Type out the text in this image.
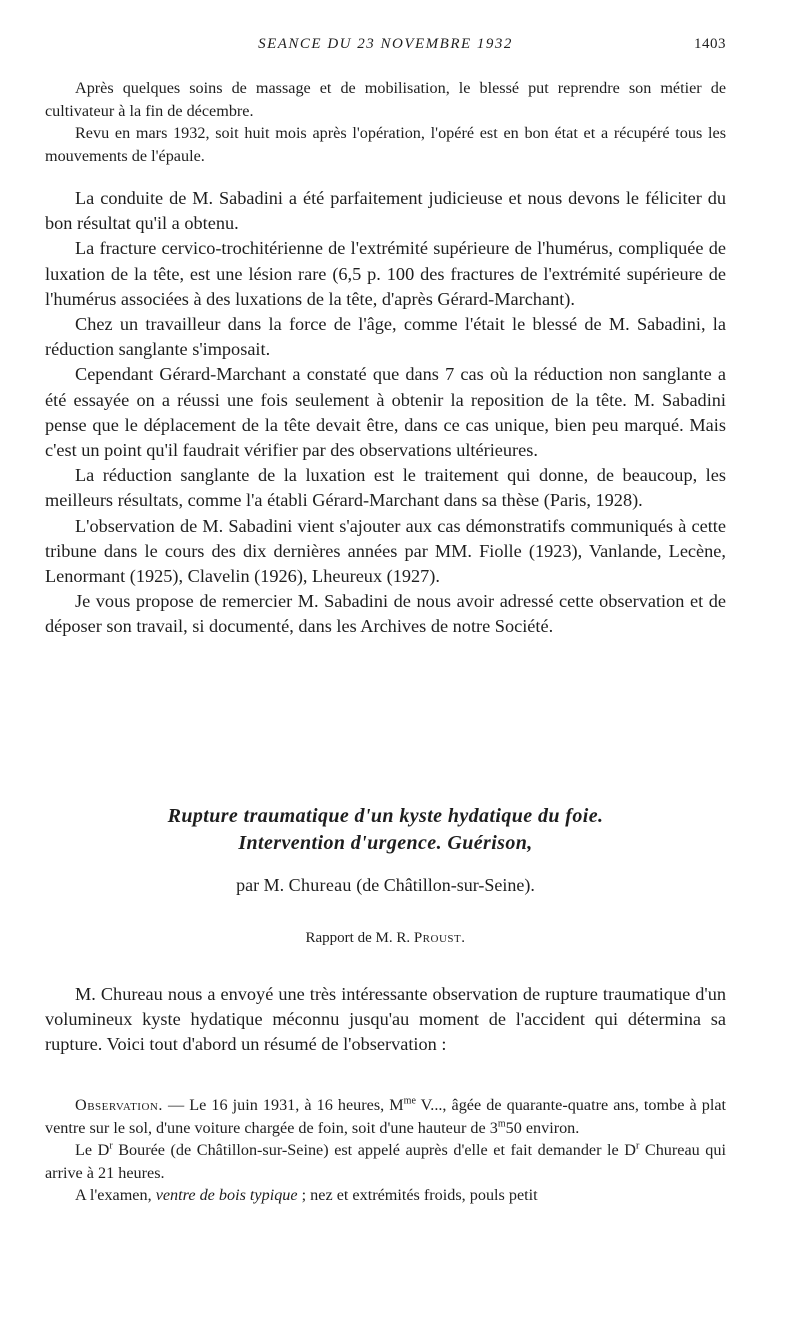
SEANCE DU 23 NOVEMBRE 1932	1403

Après quelques soins de massage et de mobilisation, le blessé put reprendre son métier de cultivateur à la fin de décembre.

Revu en mars 1932, soit huit mois après l'opération, l'opéré est en bon état et a récupéré tous les mouvements de l'épaule.

La conduite de M. Sabadini a été parfaitement judicieuse et nous devons le féliciter du bon résultat qu'il a obtenu.

La fracture cervico-trochitérienne de l'extrémité supérieure de l'humérus, compliquée de luxation de la tête, est une lésion rare (6,5 p. 100 des fractures de l'extrémité supérieure de l'humérus associées à des luxations de la tête, d'après Gérard-Marchant).

Chez un travailleur dans la force de l'âge, comme l'était le blessé de M. Sabadini, la réduction sanglante s'imposait.

Cependant Gérard-Marchant a constaté que dans 7 cas où la réduction non sanglante a été essayée on a réussi une fois seulement à obtenir la reposition de la tête. M. Sabadini pense que le déplacement de la tête devait être, dans ce cas unique, bien peu marqué. Mais c'est un point qu'il faudrait vérifier par des observations ultérieures.

La réduction sanglante de la luxation est le traitement qui donne, de beaucoup, les meilleurs résultats, comme l'a établi Gérard-Marchant dans sa thèse (Paris, 1928).

L'observation de M. Sabadini vient s'ajouter aux cas démonstratifs communiqués à cette tribune dans le cours des dix dernières années par MM. Fiolle (1923), Vanlande, Lecène, Lenormant (1925), Clavelin (1926), Lheureux (1927).

Je vous propose de remercier M. Sabadini de nous avoir adressé cette observation et de déposer son travail, si documenté, dans les Archives de notre Société.

Rupture traumatique d'un kyste hydatique du foie.
Intervention d'urgence. Guérison,
par M. Chureau (de Châtillon-sur-Seine).
Rapport de M. R. Proust.

M. Chureau nous a envoyé une très intéressante observation de rupture traumatique d'un volumineux kyste hydatique méconnu jusqu'au moment de l'accident qui détermina sa rupture. Voici tout d'abord un résumé de l'observation :

Observation. — Le 16 juin 1931, à 16 heures, $M^{me}$ V..., âgée de quarante-quatre ans, tombe à plat ventre sur le sol, d'une voiture chargée de foin, soit d'une hauteur de 3$^m$50 environ.

Le $D^r$ Bourée (de Châtillon-sur-Seine) est appelé auprès d'elle et fait demander le $D^r$ Chureau qui arrive à 21 heures.

A l'examen, ventre de bois typique ; nez et extrémités froids, pouls petit
